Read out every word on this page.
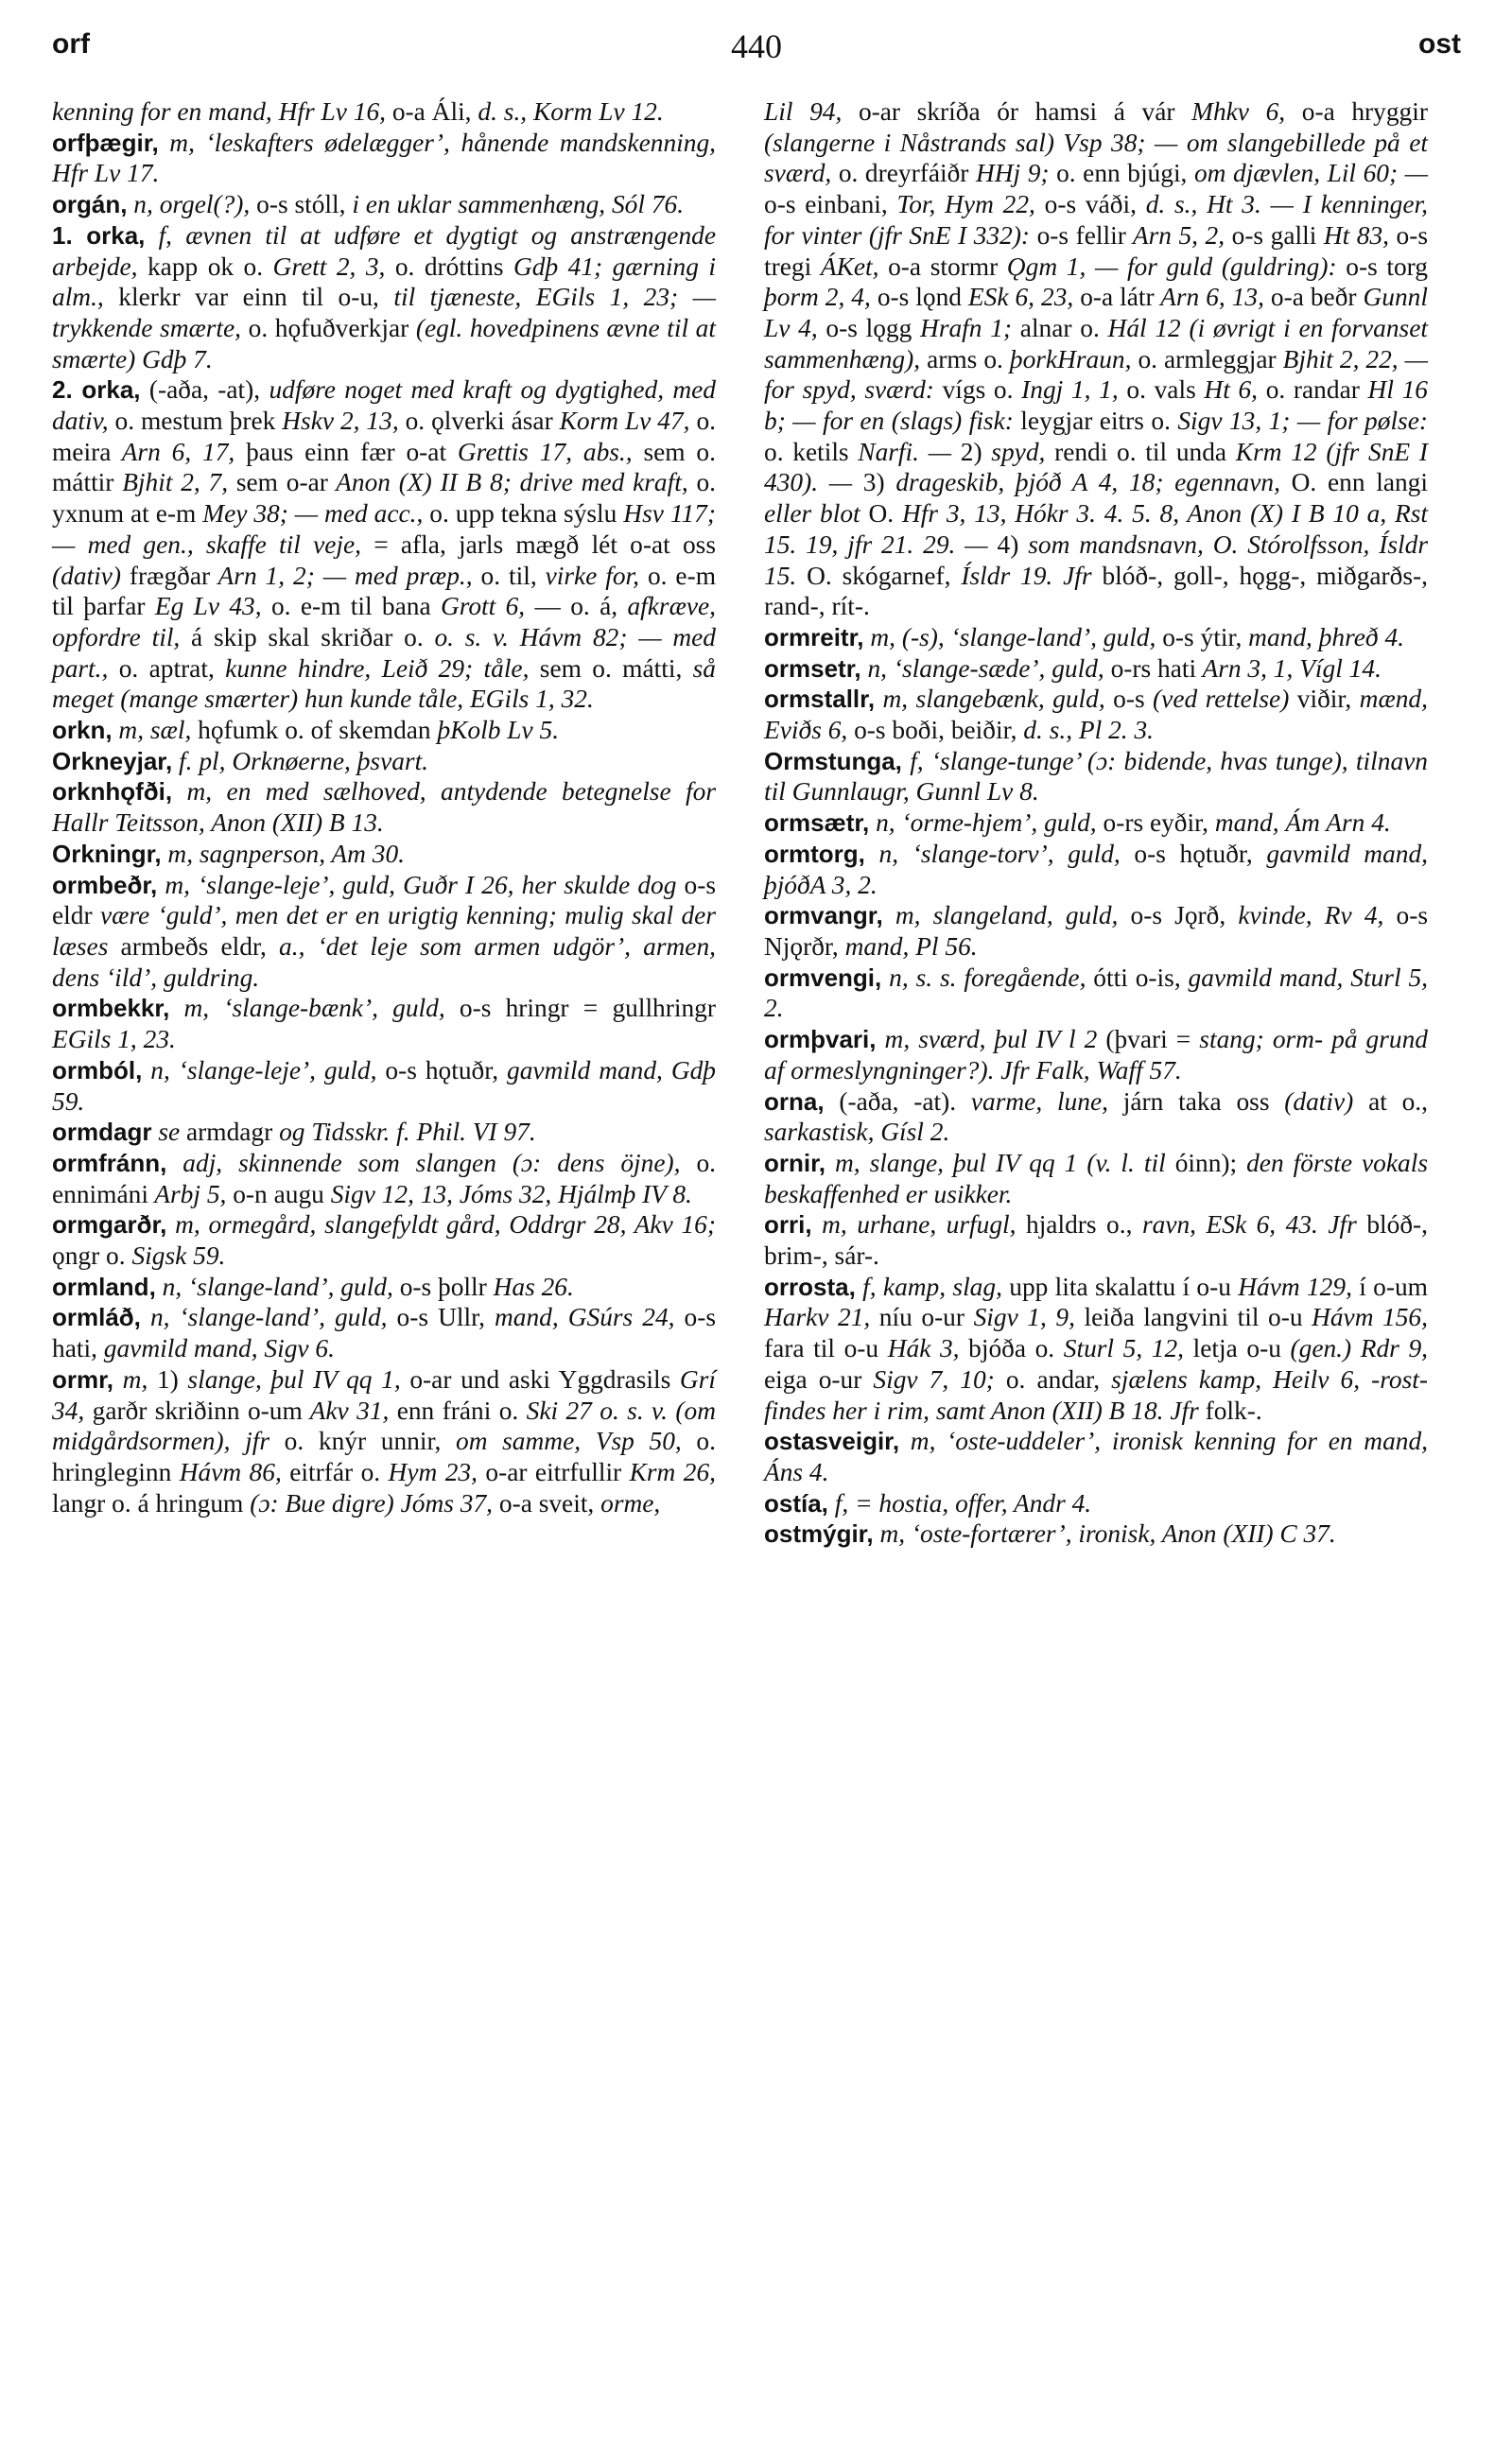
orf	440	ost

kenning for en mand, Hfr Lv 16, o-a Áli, d. s., Korm Lv 12.

orfþægir, m, ‘leskafters ødelægger’, hånende mandskenning, Hfr Lv 17.

orgán, n, orgel(?), o-s stóll, i en uklar sammenhæng, Sól 76.

1. orka, f, ævnen til at udføre et dygtigt og anstrængende arbejde, kapp ok o. Grett 2, 3, o. dróttins Gdþ 41; gærning i alm., klerkr var einn til o-u, til tjæneste, EGils 1, 23; — trykkende smærte, o. hǫfuðverkjar (egl. hovedpinens ævne til at smærte) Gdþ 7.

2. orka, (-aða, -at), udføre noget med kraft og dygtighed, med dativ, o. mestum þrek Hskv 2, 13, o. ǫlverki ásar Korm Lv 47, o. meira Arn 6, 17, þaus einn fær o-at Grettis 17, abs., sem o. máttir Bjhit 2, 7, sem o-ar Anon (X) II B 8; drive med kraft, o. yxnum at e-m Mey 38; — med acc., o. upp tekna sýslu Hsv 117; — med gen., skaffe til veje, = afla, jarls mægð lét o-at oss (dativ) frægðar Arn 1, 2; — med præp., o. til, virke for, o. e-m til þarfar Eg Lv 43, o. e-m til bana Grott 6, — o. á, afkræve, opfordre til, á skip skal skriðar o. o. s. v. Hávm 82; — med part., o. aptrat, kunne hindre, Leið 29; tåle, sem o. mátti, så meget (mange smærter) hun kunde tåle, EGils 1, 32.

orkn, m, sæl, hǫfumk o. of skemdan þKolb Lv 5.

Orkneyjar, f. pl, Orknøerne, þsvart.

orknhǫfði, m, en med sælhoved, antydende betegnelse for Hallr Teitsson, Anon (XII) B 13.

Orkningr, m, sagnperson, Am 30.

ormbeðr, m, ‘slange-leje’, guld, Guðr I 26, her skulde dog o-s eldr være ‘guld’, men det er en urigtig kenning; mulig skal der læses armbeðs eldr, a., ‘det leje som armen udgör’, armen, dens ‘ild’, guldring.

ormbekkr, m, ‘slange-bænk’, guld, o-s hringr = gullhringr EGils 1, 23.

ormból, n, ‘slange-leje’, guld, o-s hǫtuðr, gavmild mand, Gdþ 59.

ormdagr se armdagr og Tidsskr. f. Phil. VI 97.

ormfránn, adj, skinnende som slangen (ɔ: dens öjne), o. ennimáni Arbj 5, o-n augu Sigv 12, 13, Jóms 32, Hjálmþ IV 8.

ormgarðr, m, ormegård, slangefyldt gård, Oddrgr 28, Akv 16; ǫngr o. Sigsk 59.

ormland, n, ‘slange-land’, guld, o-s þollr Has 26.

ormláð, n, ‘slange-land’, guld, o-s Ullr, mand, GSúrs 24, o-s hati, gavmild mand, Sigv 6.

ormr, m, 1) slange, þul IV qq 1, o-ar und aski Yggdrasils Grí 34, garðr skriðinn o-um Akv 31, enn fráni o. Ski 27 o. s. v. (om midgårdsormen), jfr o. knýr unnir, om samme, Vsp 50, o. hringleginn Hávm 86, eitrfár o. Hym 23, o-ar eitrfullir Krm 26, langr o. á hringum (ɔ: Bue digre) Jóms 37, o-a sveit, orme,

Lil 94, o-ar skríða ór hamsi á vár Mhkv 6, o-a hryggir (slangerne i Nåstrands sal) Vsp 38; — om slangebillede på et sværd, o. dreyrfáiðr HHj 9; o. enn bjúgi, om djævlen, Lil 60; — o-s einbani, Tor, Hym 22, o-s váði, d. s., Ht 3. — I kenninger, for vinter (jfr SnE I 332): o-s fellir Arn 5, 2, o-s galli Ht 83, o-s tregi ÁKet, o-a stormr Ǫgm 1, — for guld (guldring): o-s torg þorm 2, 4, o-s lǫnd ESk 6, 23, o-a látr Arn 6, 13, o-a beðr Gunnl Lv 4, o-s lǫgg Hrafn 1; alnar o. Hál 12 (i øvrigt i en forvanset sammenhæng), arms o. þorkHraun, o. armleggjar Bjhit 2, 22, — for spyd, sværd: vígs o. Ingj 1, 1, o. vals Ht 6, o. randar Hl 16 b; — for en (slags) fisk: leygjar eitrs o. Sigv 13, 1; — for pølse: o. ketils Narfi. — 2) spyd, rendi o. til unda Krm 12 (jfr SnE I 430). — 3) drageskib, þjóð A 4, 18; egennavn, O. enn langi eller blot O. Hfr 3, 13, Hókr 3. 4. 5. 8, Anon (X) I B 10 a, Rst 15. 19, jfr 21. 29. — 4) som mandsnavn, O. Stórolfsson, Ísldr 15. O. skógarnef, Ísldr 19. Jfr blóð-, goll-, hǫgg-, miðgarðs-, rand-, rít-.

ormreitr, m, (-s), ‘slange-land’, guld, o-s ýtir, mand, þhreð 4.

ormsetr, n, ‘slange-sæde’, guld, o-rs hati Arn 3, 1, Vígl 14.

ormstallr, m, slangebænk, guld, o-s (ved rettelse) viðir, mænd, Eviðs 6, o-s boði, beiðir, d. s., Pl 2. 3.

Ormstunga, f, ‘slange-tunge’ (ɔ: bidende, hvas tunge), tilnavn til Gunnlaugr, Gunnl Lv 8.

ormsætr, n, ‘orme-hjem’, guld, o-rs eyðir, mand, Ám Arn 4.

ormtorg, n, ‘slange-torv’, guld, o-s hǫtuðr, gavmild mand, þjóðA 3, 2.

ormvangr, m, slangeland, guld, o-s Jǫrð, kvinde, Rv 4, o-s Njǫrðr, mand, Pl 56.

ormvengi, n, s. s. foregående, ótti o-is, gavmild mand, Sturl 5, 2.

ormþvari, m, sværd, þul IV l 2 (þvari = stang; orm- på grund af ormeslyngninger?). Jfr Falk, Waff 57.

orna, (-aða, -at). varme, lune, járn taka oss (dativ) at o., sarkastisk, Gísl 2.

ornir, m, slange, þul IV qq 1 (v. l. til óinn); den förste vokals beskaffenhed er usikker.

orri, m, urhane, urfugl, hjaldrs o., ravn, ESk 6, 43. Jfr blóð-, brim-, sár-.

orrosta, f, kamp, slag, upp lita skalattu í o-u Hávm 129, í o-um Harkv 21, níu o-ur Sigv 1, 9, leiða langvini til o-u Hávm 156, fara til o-u Hák 3, bjóða o. Sturl 5, 12, letja o-u (gen.) Rdr 9, eiga o-ur Sigv 7, 10; o. andar, sjælens kamp, Heilv 6, -rost- findes her i rim, samt Anon (XII) B 18. Jfr folk-.

ostasveigir, m, ‘oste-uddeler’, ironisk kenning for en mand, Áns 4.

ostía, f, = hostia, offer, Andr 4.

ostmýgir, m, ‘oste-fortærer’, ironisk, Anon (XII) C 37.
